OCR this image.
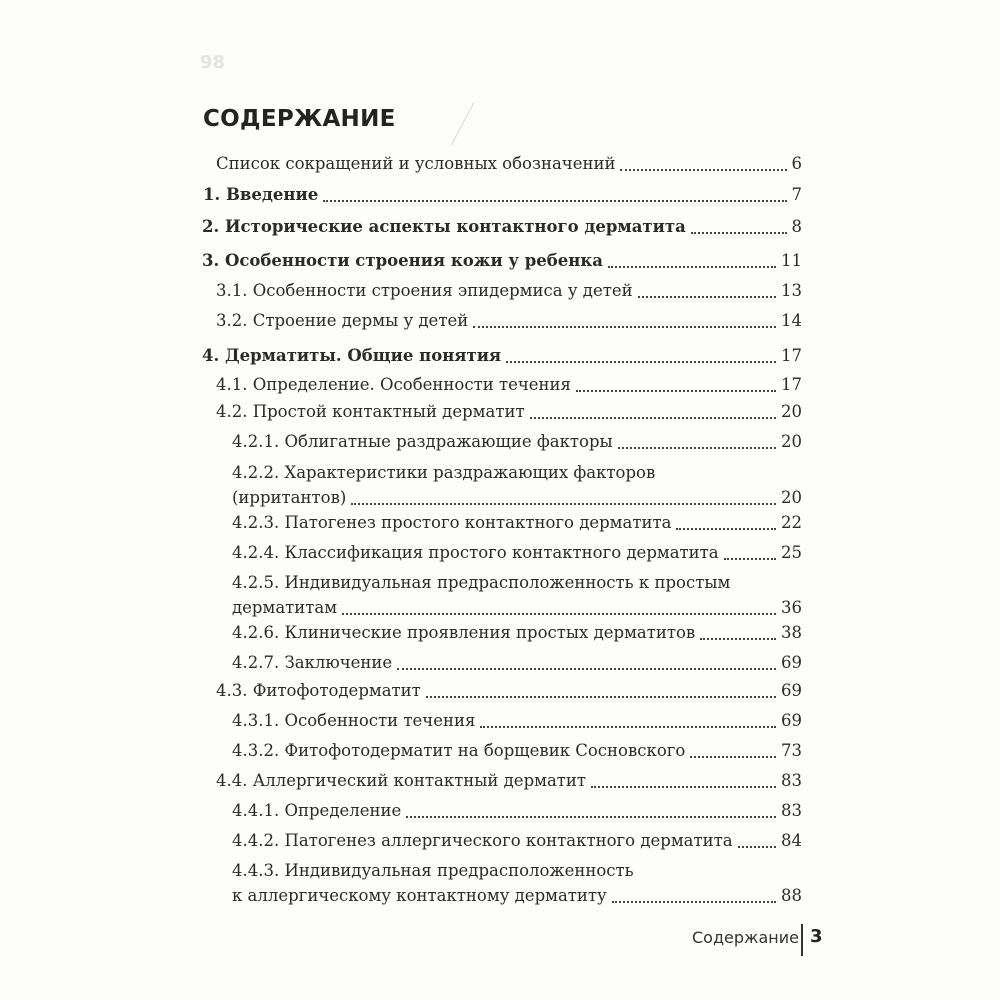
98
СОДЕРЖАНИЕ
Список сокращений и условных обозначений	6
1. Введение	7
2. Исторические аспекты контактного дерматита	8
3. Особенности строения кожи у ребенка	11
3.1. Особенности строения эпидермиса у детей	13
3.2. Строение дермы у детей	14
4. Дерматиты. Общие понятия	17
4.1. Определение. Особенности течения	17
4.2. Простой контактный дерматит	20
4.2.1. Облигатные раздражающие факторы	20
4.2.2. Характеристики раздражающих факторов
(ирритантов)	20
4.2.3. Патогенез простого контактного дерматита	22
4.2.4. Классификация простого контактного дерматита	25
4.2.5. Индивидуальная предрасположенность к простым
дерматитам	36
4.2.6. Клинические проявления простых дерматитов	38
4.2.7. Заключение	69
4.3. Фитофотодерматит	69
4.3.1. Особенности течения	69
4.3.2. Фитофотодерматит на борщевик Сосновского	73
4.4. Аллергический контактный дерматит	83
4.4.1. Определение	83
4.4.2. Патогенез аллергического контактного дерматита	84
4.4.3. Индивидуальная предрасположенность
к аллергическому контактному дерматиту	88
Содержание 3
